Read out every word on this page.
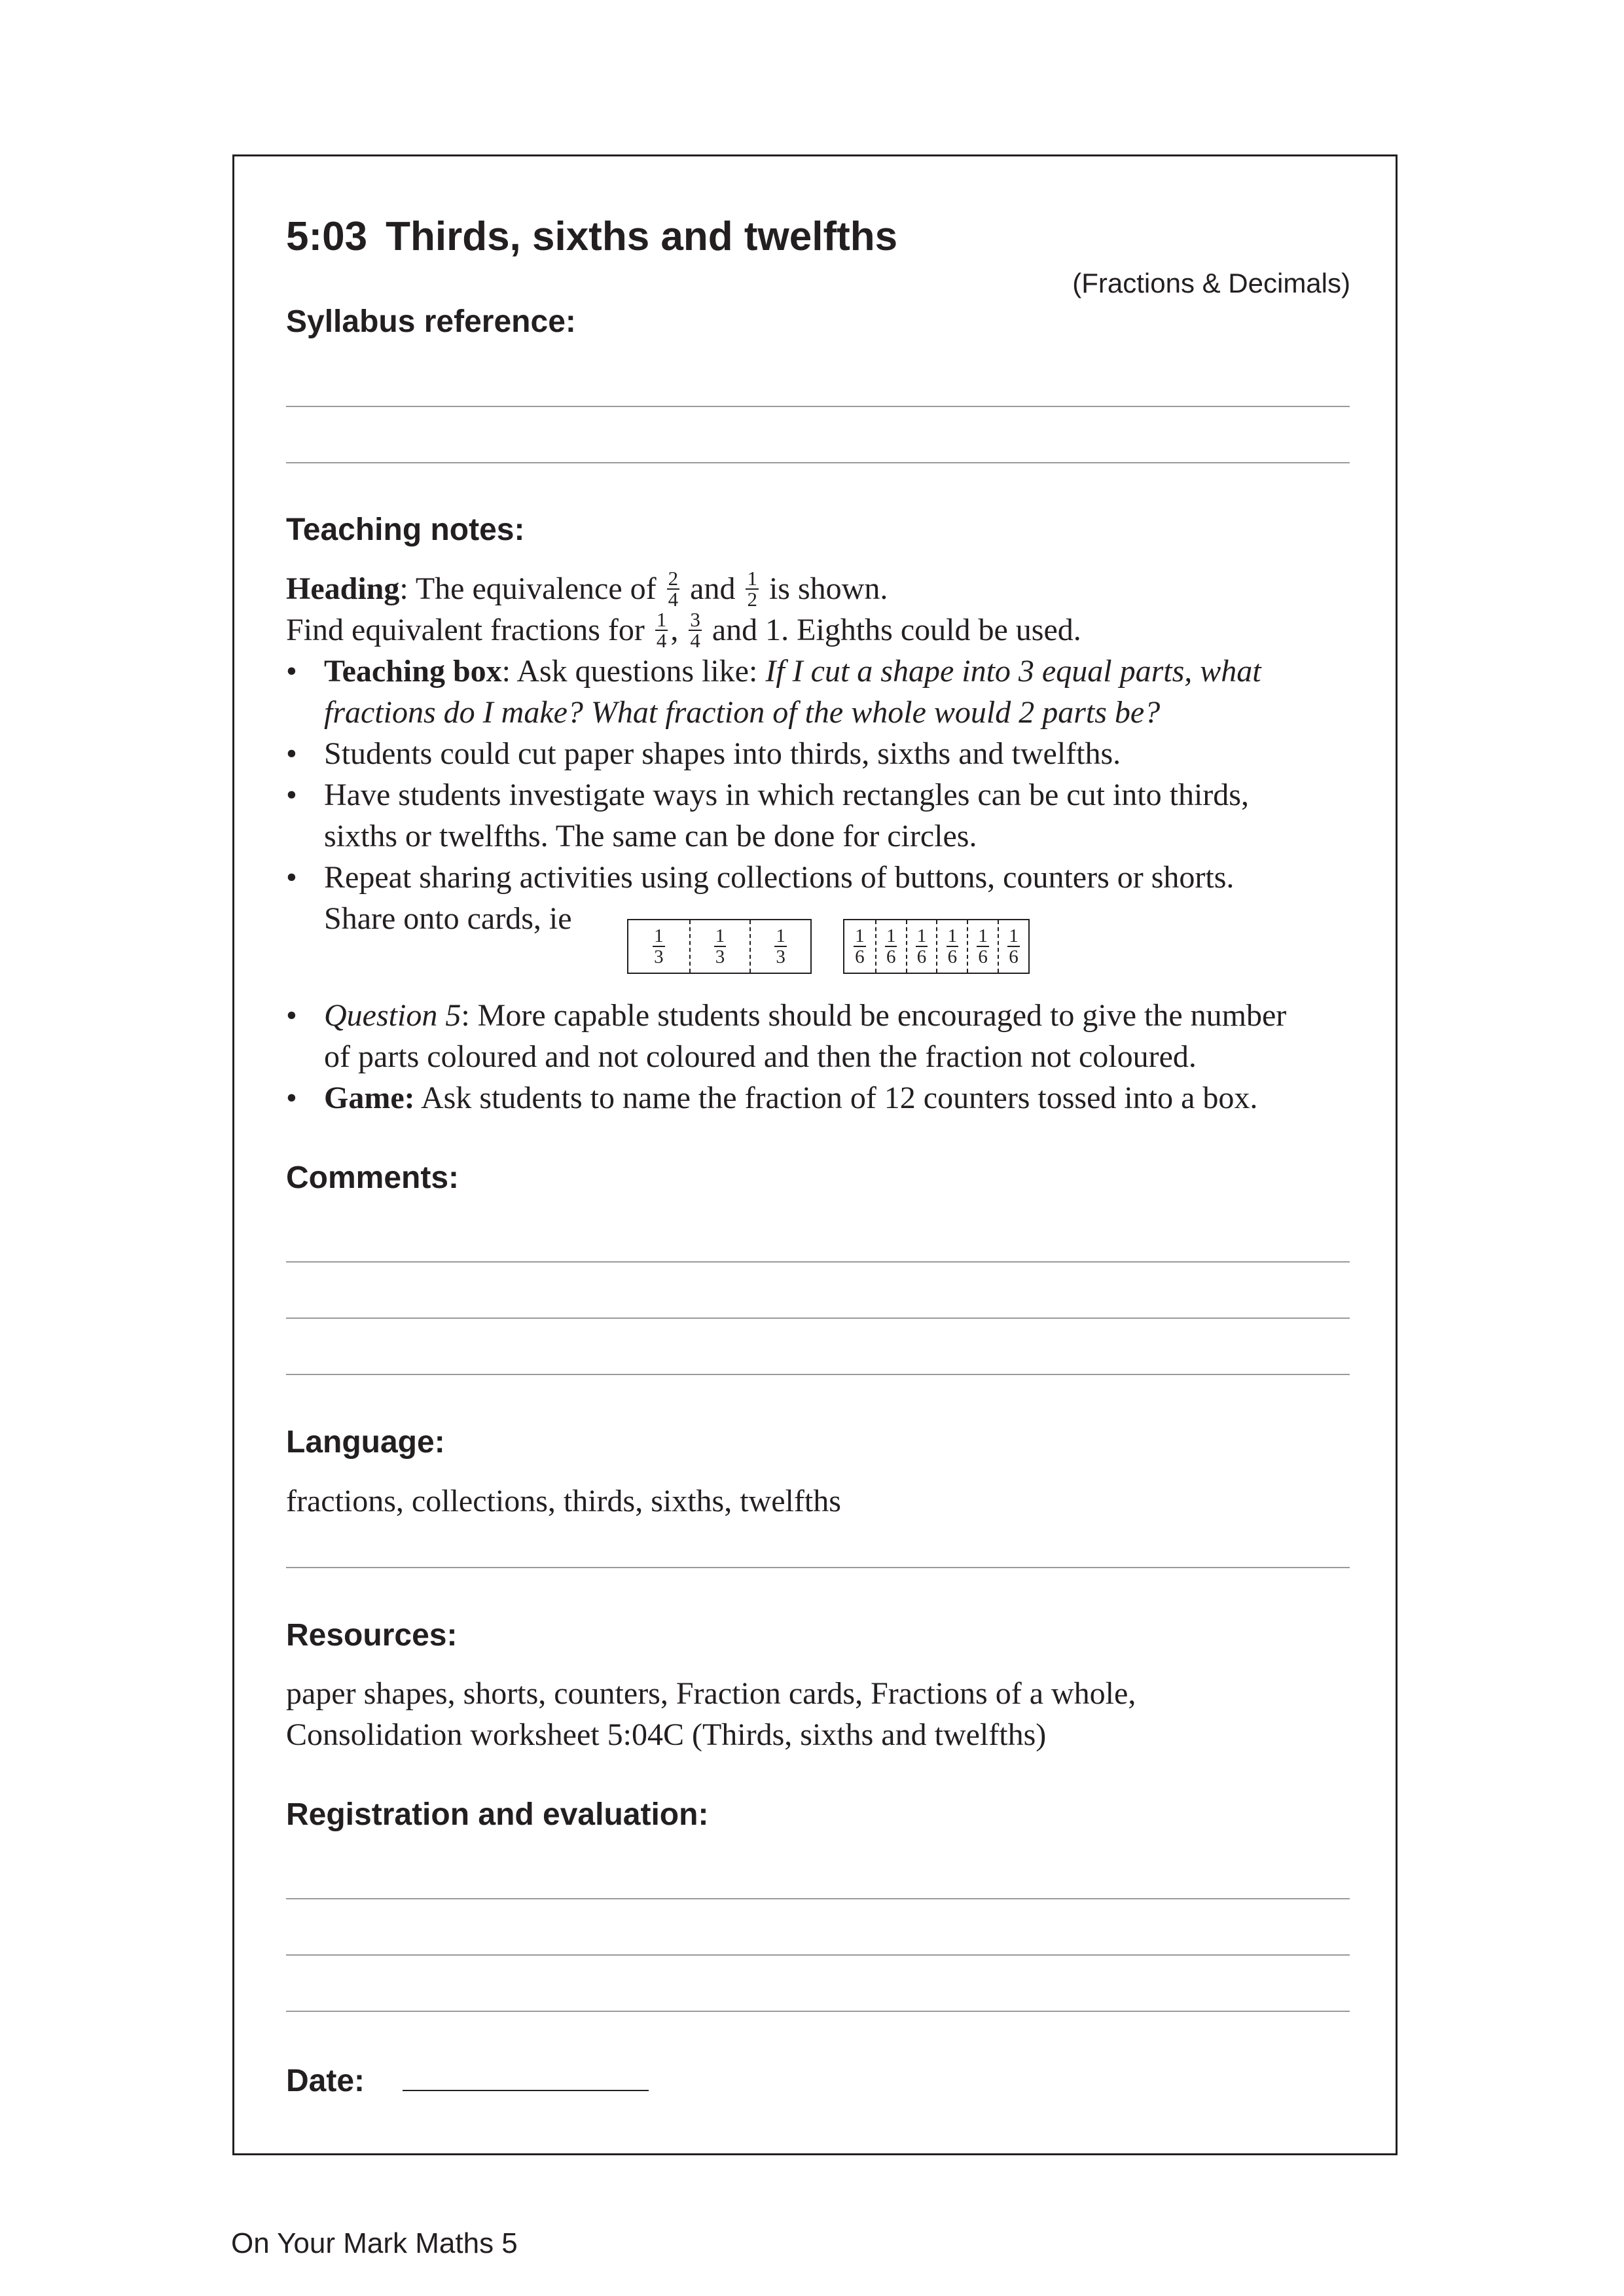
5:03 Thirds, sixths and twelfths
(Fractions & Decimals)
Syllabus reference:
Teaching notes:
Heading: The equivalence of $\frac{2}{4}$ and $\frac{1}{2}$ is shown.
Find equivalent fractions for $\frac{1}{4}$ , $\frac{3}{4}$ and 1. Eighths could be used.
• Teaching box: Ask questions like: If I cut a shape into 3 equal parts, what
fractions do I make? What fraction of the whole would 2 parts be?
• Students could cut paper shapes into thirds, sixths and twelfths.
• Have students investigate ways in which rectangles can be cut into thirds,
sixths or twelfths. The same can be done for circles.
• Repeat sharing activities using collections of buttons, counters or shorts.
Share onto cards, ie
$\frac{1}{3}$	$\frac{1}{3}$	$\frac{1}{3}$	$\frac{1}{6} \frac{1}{6} \frac{1}{6} \frac{1}{6} \frac{1}{6} \frac{1}{6}$
• Question 5: More capable students should be encouraged to give the number
of parts coloured and not coloured and then the fraction not coloured.
• Game: Ask students to name the fraction of 12 counters tossed into a box.
Comments:
Language:
fractions, collections, thirds, sixths, twelfths
Resources:
paper shapes, shorts, counters, Fraction cards, Fractions of a whole,
Consolidation worksheet 5:04C (Thirds, sixths and twelfths)
Registration and evaluation:
Date:
On Your Mark Maths 5
